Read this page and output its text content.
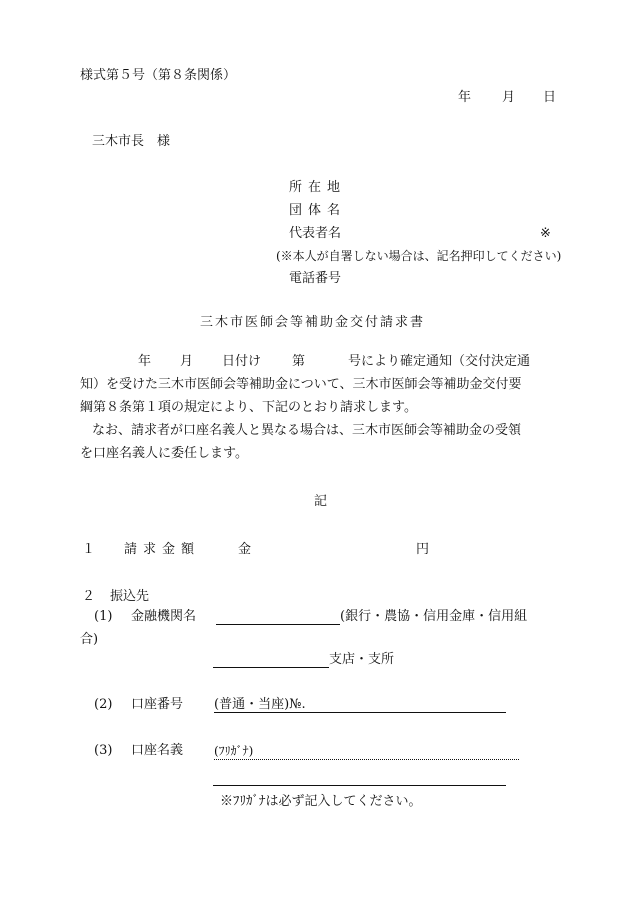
様式第５号（第８条関係）
年 月 日
三木市長　様
所在地
団体名
代表者名	※
(※本人が自署しない場合は、記名押印してください)
電話番号
三木市医師会等補助金交付請求書
年 月 日付け 第	号により確定通知（交付決定通
知）を受けた三木市医師会等補助金について、三木市医師会等補助金交付要
綱第８条第１項の規定により、下記のとおり請求します。
なお、請求者が口座名義人と異なる場合は、三木市医師会等補助金の受領
を口座名義人に委任します。
記
１ 請求金額	金	円
２ 振込先
(1) 金融機関名	(銀行・農協・信用金庫・信用組
合)
支店・支所
(2) 口座番号 (普通・当座)№.
(3) 口座名義	(ﾌﾘｶﾞﾅ)
※ﾌﾘｶﾞﾅは必ず記入してください。
